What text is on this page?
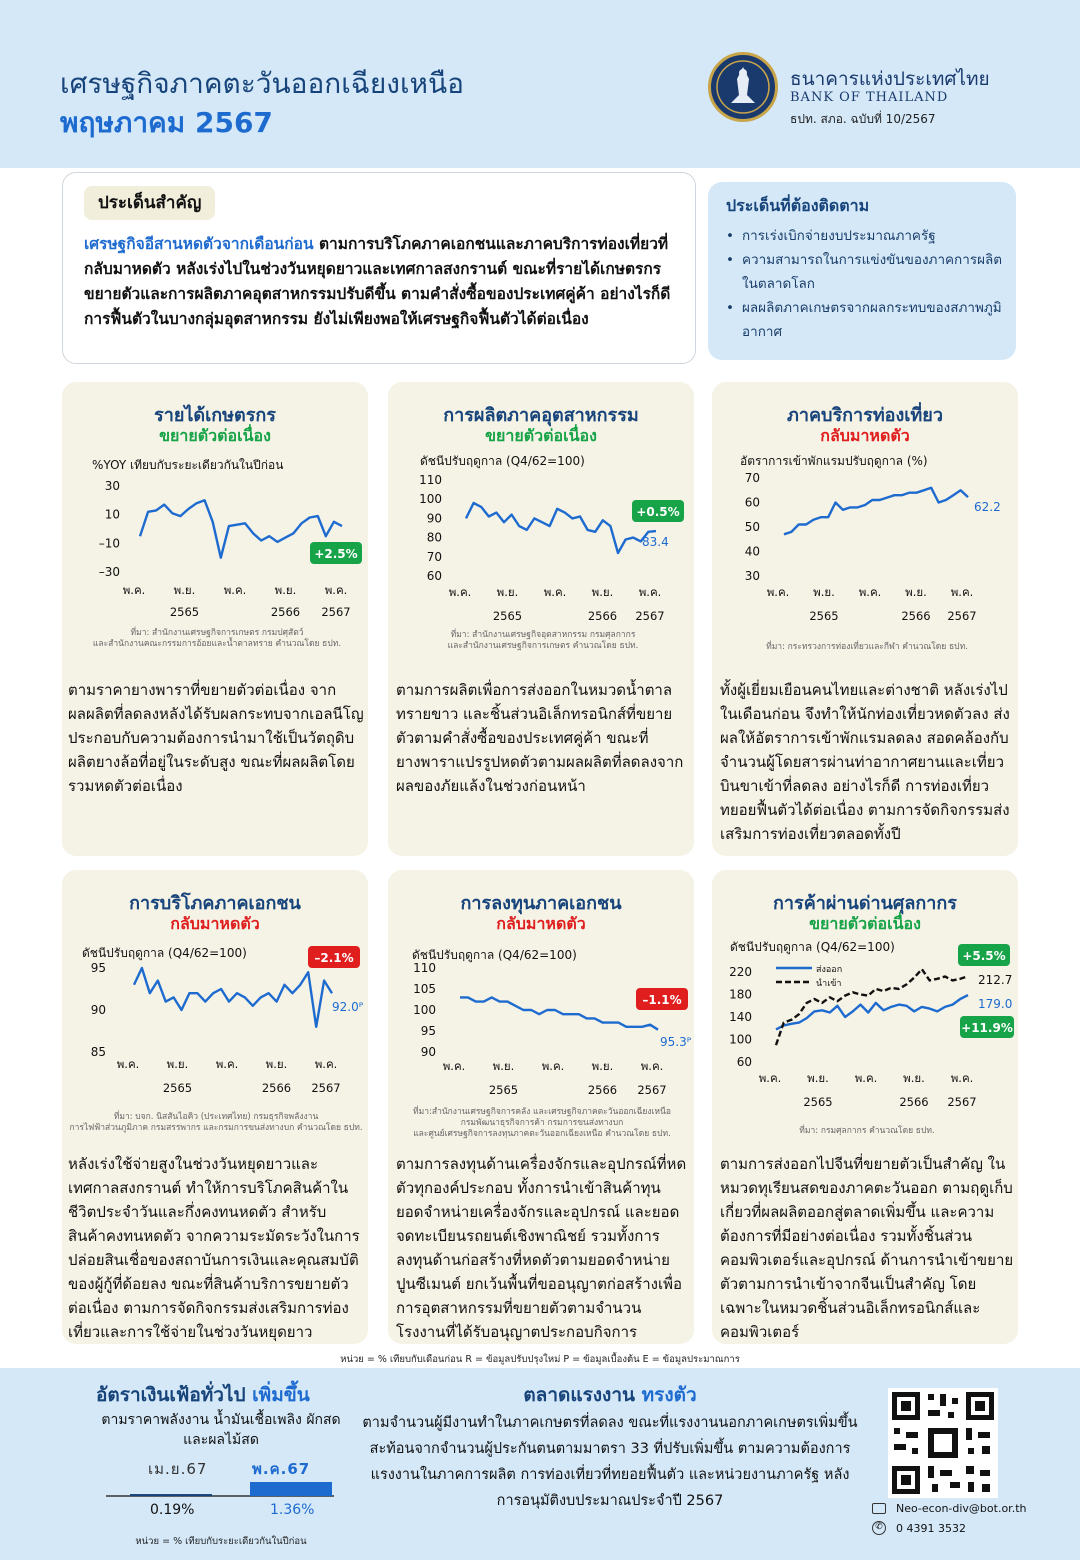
เศรษฐกิจภาคตะวันออกเฉียงเหนือ
พฤษภาคม 2567
ธนาคารแห่งประเทศไทย
BANK OF THAILAND
ธปท. สภอ. ฉบับที่ 10/2567
ประเด็นสำคัญ
เศรษฐกิจอีสานหดตัวจากเดือนก่อน ตามการบริโภคภาคเอกชนและภาคบริการท่องเที่ยวที่กลับมาหดตัว หลังเร่งไปในช่วงวันหยุดยาวและเทศกาลสงกรานต์ ขณะที่รายได้เกษตรกรขยายตัวและการผลิตภาคอุตสาหกรรมปรับดีขึ้น ตามคำสั่งซื้อของประเทศคู่ค้า อย่างไรก็ดี การฟื้นตัวในบางกลุ่มอุตสาหกรรม ยังไม่เพียงพอให้เศรษฐกิจฟื้นตัวได้ต่อเนื่อง
ประเด็นที่ต้องติดตาม
• การเร่งเบิกจ่ายงบประมาณภาครัฐ
• ความสามารถในการแข่งขันของภาคการผลิตในตลาดโลก
• ผลผลิตภาคเกษตรจากผลกระทบของสภาพภูมิอากาศ
รายได้เกษตรกร
ขยายตัวต่อเนื่อง
%YOY เทียบกับระยะเดียวกันในปีก่อน
30
10
–10
–30
พ.ค. พ.ย. พ.ค. พ.ย. พ.ค.
2565	2566 2567
+2.5%
ที่มา: สำนักงานเศรษฐกิจการเกษตร กรมปศุสัตว์
และสำนักงานคณะกรรมการอ้อยและน้ำตาลทราย คำนวณโดย ธปท.
ตามราคายางพาราที่ขยายตัวต่อเนื่อง จากผลผลิตที่ลดลงหลังได้รับผลกระทบจากเอลนีโญ ประกอบกับความต้องการนำมาใช้เป็นวัตถุดิบผลิตยางล้อที่อยู่ในระดับสูง ขณะที่ผลผลิตโดยรวมหดตัวต่อเนื่อง
การผลิตภาคอุตสาหกรรม
ขยายตัวต่อเนื่อง
ดัชนีปรับฤดูกาล (Q4/62=100)
110
100
90
80
70
60
พ.ค. พ.ย. พ.ค. พ.ย. พ.ค.
2565	2566 2567
+0.5%
83.4
ที่มา: สำนักงานเศรษฐกิจอุตสาหกรรม กรมศุลกากร
และสำนักงานเศรษฐกิจการเกษตร คำนวณโดย ธปท.
ตามการผลิตเพื่อการส่งออกในหมวดน้ำตาลทรายขาว และชิ้นส่วนอิเล็กทรอนิกส์ที่ขยายตัวตามคำสั่งซื้อของประเทศคู่ค้า ขณะที่ยางพาราแปรรูปหดตัวตามผลผลิตที่ลดลงจากผลของภัยแล้งในช่วงก่อนหน้า
ภาคบริการท่องเที่ยว
กลับมาหดตัว
อัตราการเข้าพักแรมปรับฤดูกาล (%)
70
60
50
40
30
พ.ค. พ.ย. พ.ค. พ.ย. พ.ค.
2565	2566 2567
62.2
ที่มา: กระทรวงการท่องเที่ยวและกีฬา คำนวณโดย ธปท.
ทั้งผู้เยี่ยมเยือนคนไทยและต่างชาติ หลังเร่งไปในเดือนก่อน จึงทำให้นักท่องเที่ยวหดตัวลง ส่งผลให้อัตราการเข้าพักแรมลดลง สอดคล้องกับจำนวนผู้โดยสารผ่านท่าอากาศยานและเที่ยวบินขาเข้าที่ลดลง อย่างไรก็ดี การท่องเที่ยวทยอยฟื้นตัวได้ต่อเนื่อง ตามการจัดกิจกรรมส่งเสริมการท่องเที่ยวตลอดทั้งปี
การบริโภคภาคเอกชน
กลับมาหดตัว
ดัชนีปรับฤดูกาล (Q4/62=100)
95
90
85
พ.ค. พ.ย. พ.ค. พ.ย. พ.ค.
2565	2566 2567
–2.1%
92.0ᴾ
ที่มา: บจก. นิสสันไอคิว (ประเทศไทย) กรมธุรกิจพลังงาน
การไฟฟ้าส่วนภูมิภาค กรมสรรพากร และกรมการขนส่งทางบก คำนวณโดย ธปท.
หลังเร่งใช้จ่ายสูงในช่วงวันหยุดยาวและเทศกาลสงกรานต์ ทำให้การบริโภคสินค้าในชีวิตประจำวันและกึ่งคงทนหดตัว สำหรับสินค้าคงทนหดตัว จากความระมัดระวังในการปล่อยสินเชื่อของสถาบันการเงินและคุณสมบัติของผู้กู้ที่ด้อยลง ขณะที่สินค้าบริการขยายตัวต่อเนื่อง ตามการจัดกิจกรรมส่งเสริมการท่องเที่ยวและการใช้จ่ายในช่วงวันหยุดยาว
การลงทุนภาคเอกชน
กลับมาหดตัว
ดัชนีปรับฤดูกาล (Q4/62=100)
110
105
100
95
90
พ.ค. พ.ย. พ.ค. พ.ย. พ.ค.
2565	2566 2567
–1.1%
95.3ᴾ
ที่มา:สำนักงานเศรษฐกิจการคลัง และเศรษฐกิจภาคตะวันออกเฉียงเหนือ
กรมพัฒนาธุรกิจการค้า กรมการขนส่งทางบก
และศูนย์เศรษฐกิจการลงทุนภาคตะวันออกเฉียงเหนือ คำนวณโดย ธปท.
ตามการลงทุนด้านเครื่องจักรและอุปกรณ์ที่หดตัวทุกองค์ประกอบ ทั้งการนำเข้าสินค้าทุน ยอดจำหน่ายเครื่องจักรและอุปกรณ์ และยอดจดทะเบียนรถยนต์เชิงพาณิชย์ รวมทั้งการลงทุนด้านก่อสร้างที่หดตัวตามยอดจำหน่ายปูนซีเมนต์ ยกเว้นพื้นที่ขออนุญาตก่อสร้างเพื่อการอุตสาหกรรมที่ขยายตัวตามจำนวนโรงงานที่ได้รับอนุญาตประกอบกิจการ
การค้าผ่านด่านศุลกากร
ขยายตัวต่อเนื่อง
ดัชนีปรับฤดูกาล (Q4/62=100)
220
180
140
100
60
พ.ค. พ.ย. พ.ค. พ.ย. พ.ค.
2565	2566 2567
+5.5%
+11.9%
212.7
179.0
ส่งออก
นำเข้า
ที่มา: กรมศุลกากร คำนวณโดย ธปท.
ตามการส่งออกไปจีนที่ขยายตัวเป็นสำคัญ ในหมวดทุเรียนสดของภาคตะวันออก ตามฤดูเก็บเกี่ยวที่ผลผลิตออกสู่ตลาดเพิ่มขึ้น และความต้องการที่มีอย่างต่อเนื่อง รวมทั้งชิ้นส่วนคอมพิวเตอร์และอุปกรณ์ ด้านการนำเข้าขยายตัวตามการนำเข้าจากจีนเป็นสำคัญ โดยเฉพาะในหมวดชิ้นส่วนอิเล็กทรอนิกส์และคอมพิวเตอร์
หน่วย = % เทียบกับเดือนก่อน R = ข้อมูลปรับปรุงใหม่ P = ข้อมูลเบื้องต้น E = ข้อมูลประมาณการ
อัตราเงินเฟ้อทั่วไป เพิ่มขึ้น
ตามราคาพลังงาน น้ำมันเชื้อเพลิง ผักสดและผลไม้สด
เม.ย.67	พ.ค.67
0.19%	1.36%
หน่วย = % เทียบกับระยะเดียวกันในปีก่อน
ตลาดแรงงาน ทรงตัว
ตามจำนวนผู้มีงานทำในภาคเกษตรที่ลดลง ขณะที่แรงงานนอกภาคเกษตรเพิ่มขึ้น สะท้อนจากจำนวนผู้ประกันตนตามมาตรา 33 ที่ปรับเพิ่มขึ้น ตามความต้องการแรงงานในภาคการผลิต การท่องเที่ยวที่ทยอยฟื้นตัว และหน่วยงานภาครัฐ หลังการอนุมัติงบประมาณประจำปี 2567	Neo-econ-div@bot.or.th
✆ 0 4391 3532
